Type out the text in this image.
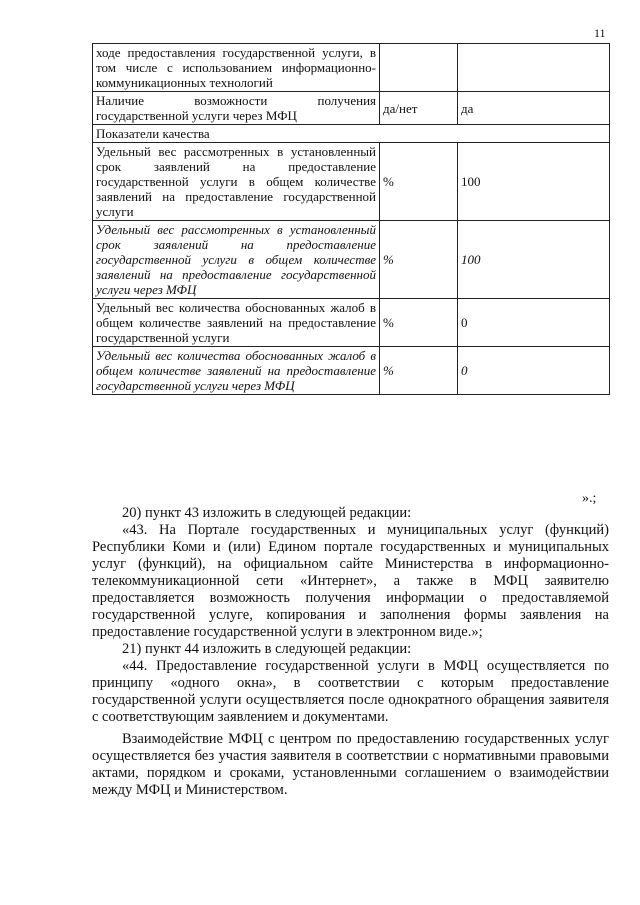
11
ходе предоставления государственной услуги, в том числе с использованием информационно-коммуникационных технологий		
Наличие возможности получения государственной услуги через МФЦ	да/нет	да
Показатели качества		
Удельный вес рассмотренных в установленный срок заявлений на предоставление государственной услуги в общем количестве заявлений на предоставление государственной услуги	%	100
Удельный вес рассмотренных в установленный срок заявлений на предоставление государственной услуги в общем количестве заявлений на предоставление государственной услуги через МФЦ	%	100
Удельный вес количества обоснованных жалоб в общем количестве заявлений на предоставление государственной услуги	%	0
Удельный вес количества обоснованных жалоб в общем количестве заявлений на предоставление государственной услуги через МФЦ	%	0
».;

20) пункт 43 изложить в следующей редакции:

«43. На Портале государственных и муниципальных услуг (функций) Республики Коми и (или) Едином портале государственных и муниципальных услуг (функций), на официальном сайте Министерства в информационно-телекоммуникационной сети «Интернет», а также в МФЦ заявителю предоставляется возможность получения информации о предоставляемой государственной услуге, копирования и заполнения формы заявления на предоставление государственной услуги в электронном виде.»;

21) пункт 44 изложить в следующей редакции:

«44. Предоставление государственной услуги в МФЦ осуществляется по принципу «одного окна», в соответствии с которым предоставление государственной услуги осуществляется после однократного обращения заявителя с соответствующим заявлением и документами.

Взаимодействие МФЦ с центром по предоставлению государственных услуг осуществляется без участия заявителя в соответствии с нормативными правовыми актами, порядком и сроками, установленными соглашением о взаимодействии между МФЦ и Министерством.
